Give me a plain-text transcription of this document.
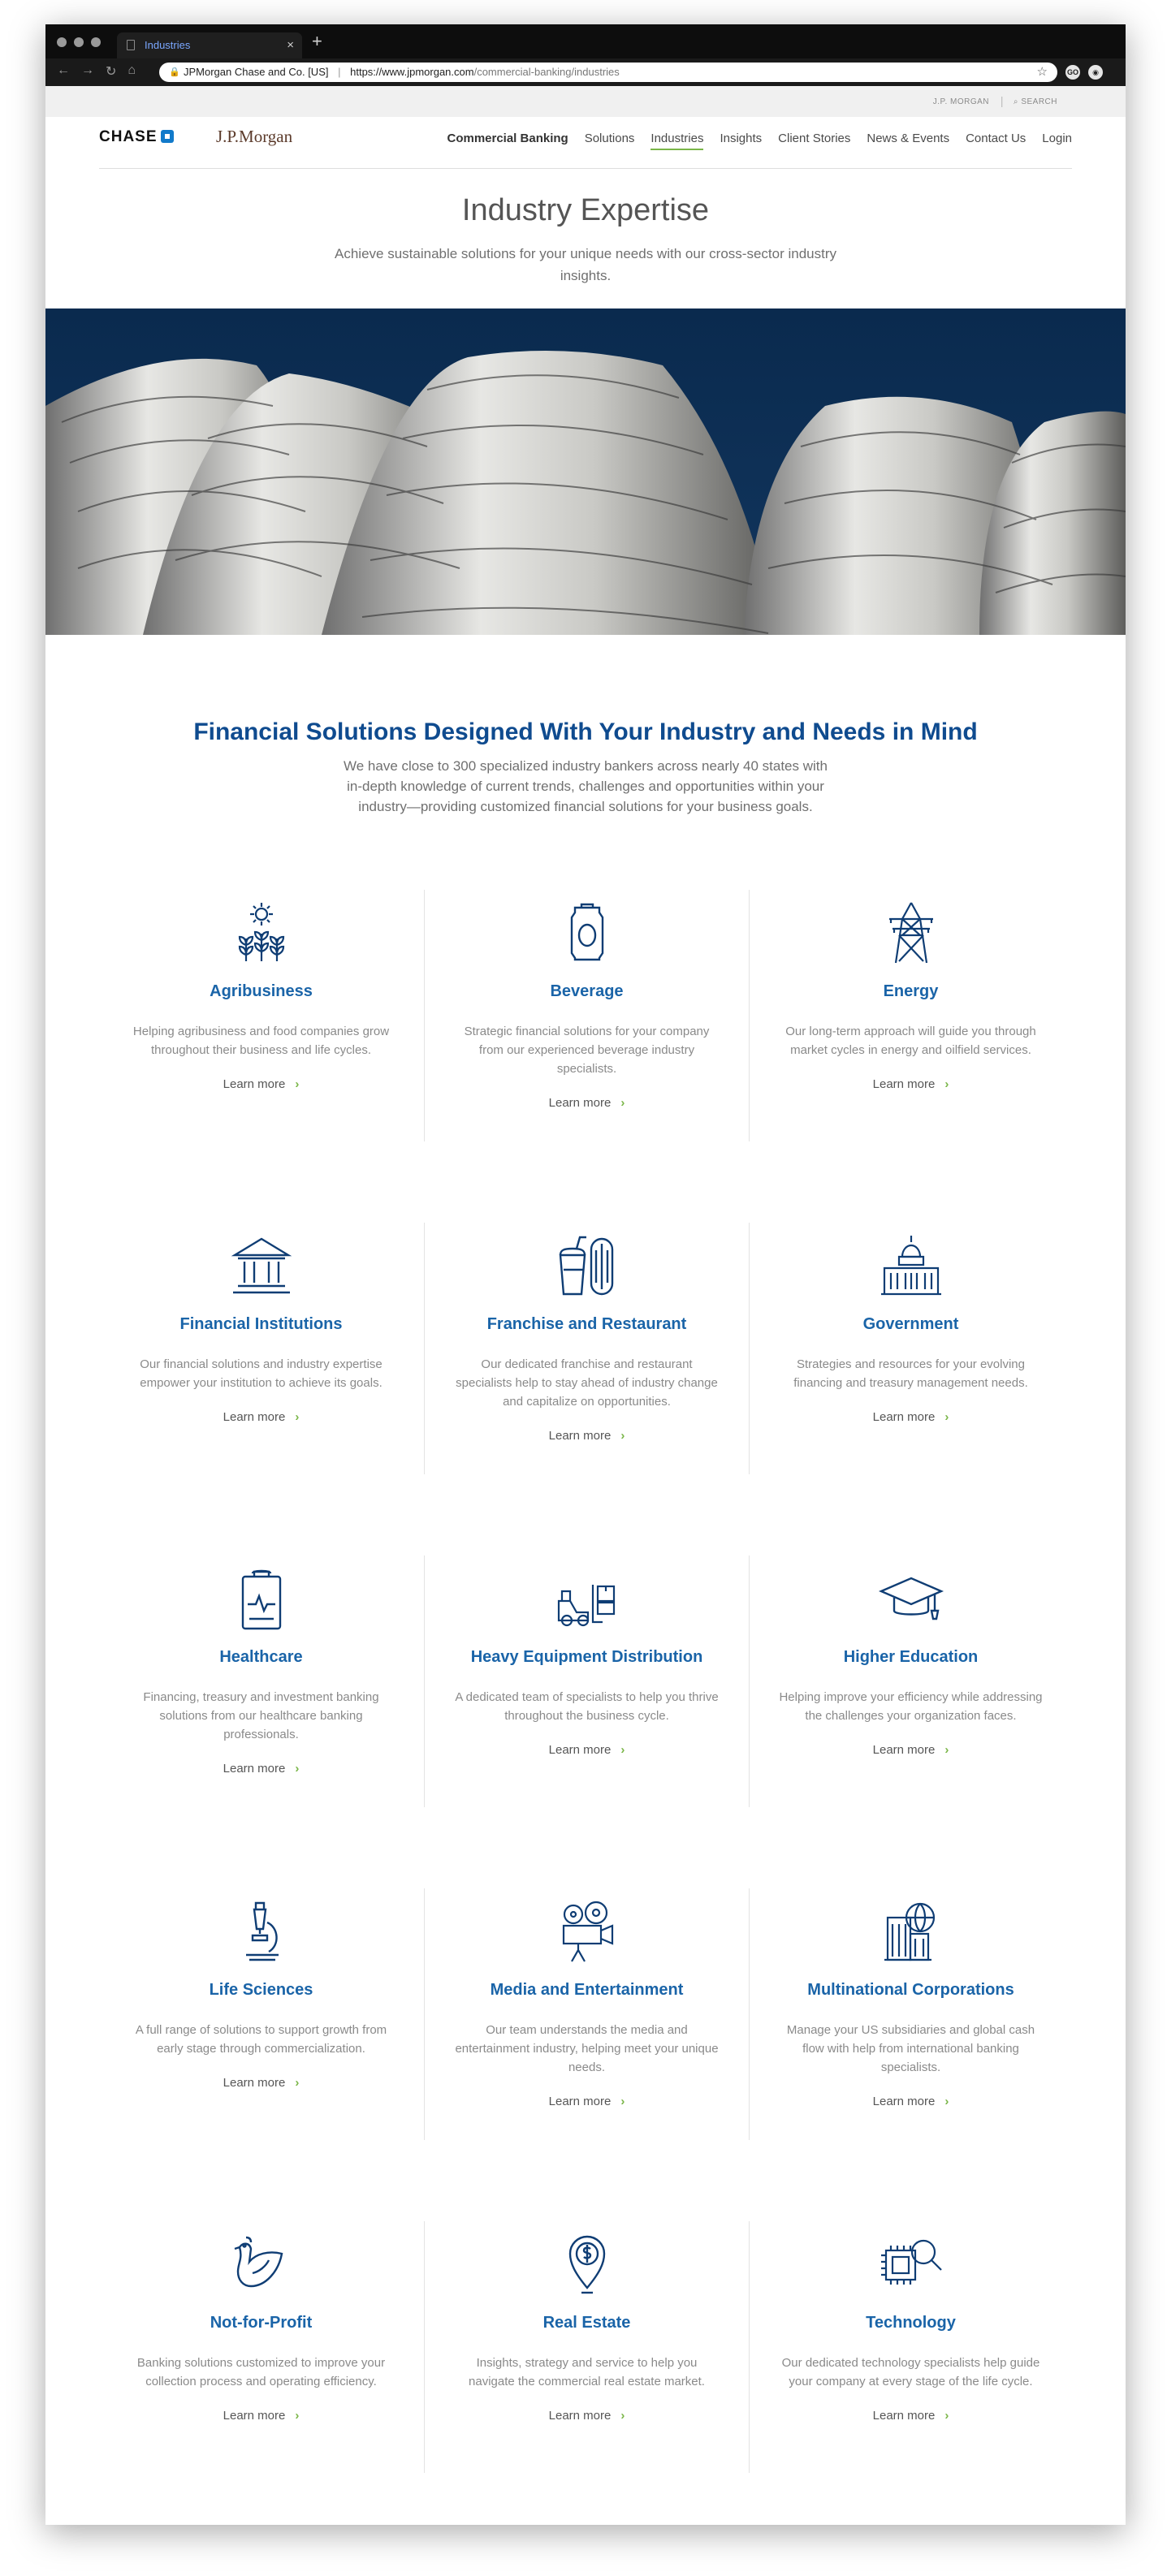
Industries	× +
← → ↻ ⌂	🔒 JPMorgan Chase and Co. [US] | https://www.jpmorgan.com/commercial-banking/industries	☆	GO	◉
J.P. MORGAN | ⌕ SEARCH
CHASE	J.P.Morgan	Commercial Banking Solutions Industries Insights Client Stories News & Events Contact Us Login
Industry Expertise

Achieve sustainable solutions for your unique needs with our cross-sector industry insights.

Financial Solutions Designed With Your Industry and Needs in Mind

We have close to 300 specialized industry bankers across nearly 40 states with in-depth knowledge of current trends, challenges and opportunities within your industry—providing customized financial solutions for your business goals.

Agribusiness
Helping agribusiness and food companies grow throughout their business and life cycles.
Learn more ›
Beverage
Strategic financial solutions for your company from our experienced beverage industry specialists.
Learn more ›
Energy
Our long-term approach will guide you through market cycles in energy and oilfield services.
Learn more ›
Financial Institutions
Our financial solutions and industry expertise empower your institution to achieve its goals.
Learn more ›
Franchise and Restaurant
Our dedicated franchise and restaurant specialists help to stay ahead of industry change and capitalize on opportunities.
Learn more ›
Government
Strategies and resources for your evolving financing and treasury management needs.
Learn more ›
Healthcare
Financing, treasury and investment banking solutions from our healthcare banking professionals.
Learn more ›
Heavy Equipment Distribution
A dedicated team of specialists to help you thrive throughout the business cycle.
Learn more ›
Higher Education
Helping improve your efficiency while addressing the challenges your organization faces.
Learn more ›
Life Sciences
A full range of solutions to support growth from early stage through commercialization.
Learn more ›
Media and Entertainment
Our team understands the media and entertainment industry, helping meet your unique needs.
Learn more ›
Multinational Corporations
Manage your US subsidiaries and global cash flow with help from international banking specialists.
Learn more ›
Not-for-Profit
Banking solutions customized to improve your collection process and operating efficiency.
Learn more ›
Real Estate
Insights, strategy and service to help you navigate the commercial real estate market.
Learn more ›
Technology
Our dedicated technology specialists help guide your company at every stage of the life cycle.
Learn more ›
